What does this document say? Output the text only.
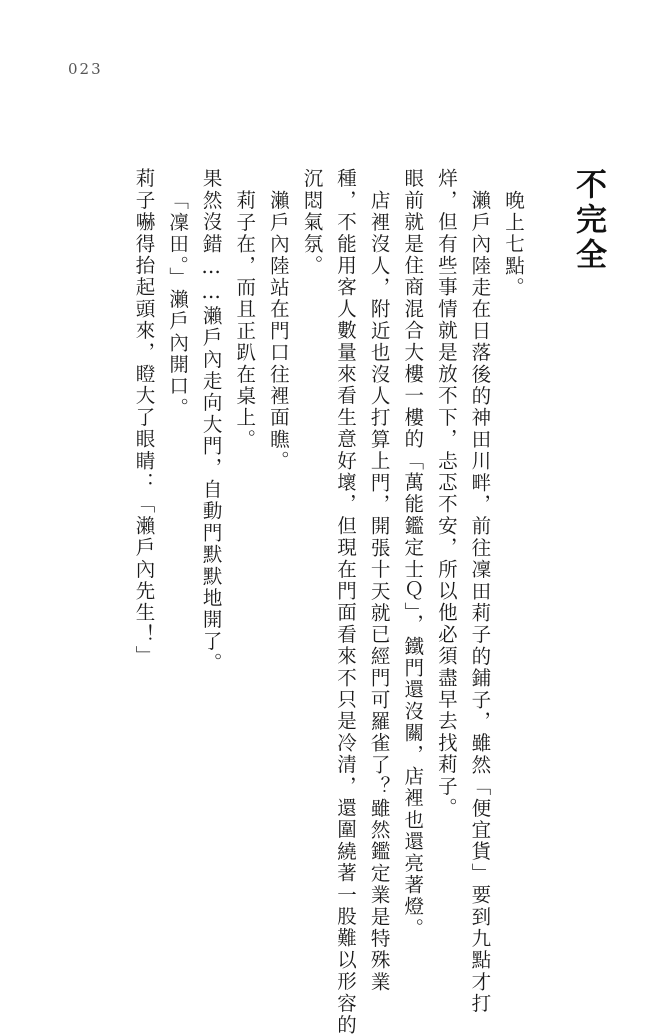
023
不完全
晚上七點。
瀨戶內陸走在日落後的神田川畔，前往凜田莉子的鋪子，雖然「便宜貨」要到九點才打
烊，但有些事情就是放不下，忐忑不安，所以他必須盡早去找莉子。
眼前就是住商混合大樓一樓的「萬能鑑定士Ｑ」，鐵門還沒關，店裡也還亮著燈。
店裡沒人，附近也沒人打算上門，開張十天就已經門可羅雀了？雖然鑑定業是特殊業
種，不能用客人數量來看生意好壞，但現在門面看來不只是冷清，還圍繞著一股難以形容的
沉悶氣氛。
瀨戶內陸站在門口往裡面瞧。
莉子在，而且正趴在桌上。
果然沒錯……瀨戶內走向大門，自動門默默地開了。
「凜田。」瀨戶內開口。
莉子嚇得抬起頭來，瞪大了眼睛：「瀨戶內先生！」
